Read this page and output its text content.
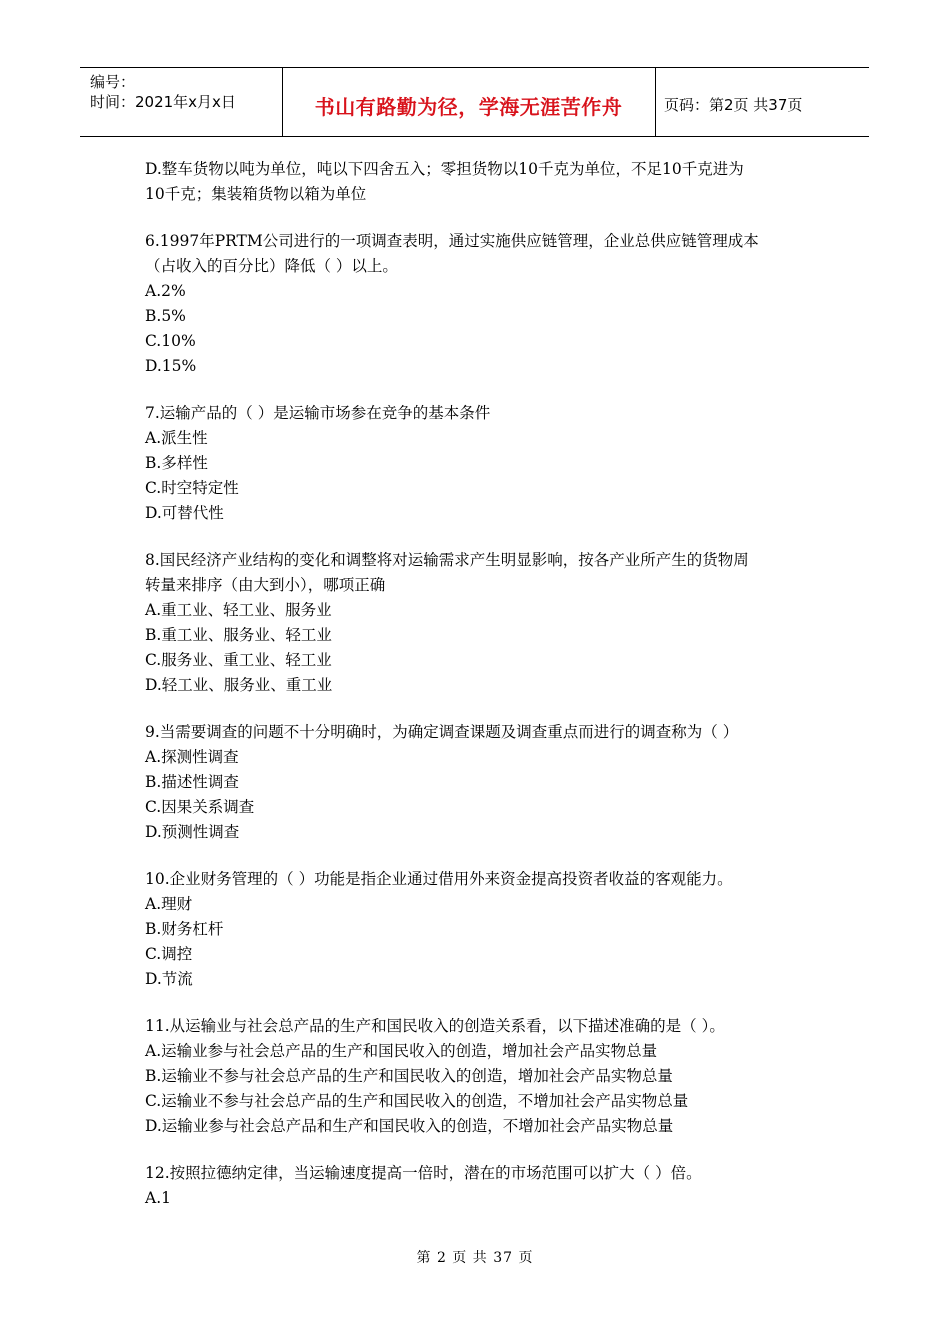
编号：
时间：2021年x月x日	书山有路勤为径，学海无涯苦作舟	页码：第2页 共37页
D.整车货物以吨为单位，吨以下四舍五入；零担货物以10千克为单位，不足10千克进为
10千克；集装箱货物以箱为单位
6.1997年PRTM公司进行的一项调查表明，通过实施供应链管理，企业总供应链管理成本
（占收入的百分比）降低（ ）以上。
A.2%
B.5%
C.10%
D.15%
7.运输产品的（ ）是运输市场参在竞争的基本条件
A.派生性
B.多样性
C.时空特定性
D.可替代性
8.国民经济产业结构的变化和调整将对运输需求产生明显影响，按各产业所产生的货物周
转量来排序（由大到小），哪项正确
A.重工业、轻工业、服务业
B.重工业、服务业、轻工业
C.服务业、重工业、轻工业
D.轻工业、服务业、重工业
9.当需要调查的问题不十分明确时，为确定调查课题及调查重点而进行的调查称为（ ）
A.探测性调查
B.描述性调查
C.因果关系调查
D.预测性调查
10.企业财务管理的（ ）功能是指企业通过借用外来资金提高投资者收益的客观能力。
A.理财
B.财务杠杆
C.调控
D.节流
11.从运输业与社会总产品的生产和国民收入的创造关系看，以下描述准确的是（ ）。
A.运输业参与社会总产品的生产和国民收入的创造，增加社会产品实物总量
B.运输业不参与社会总产品的生产和国民收入的创造，增加社会产品实物总量
C.运输业不参与社会总产品的生产和国民收入的创造，不增加社会产品实物总量
D.运输业参与社会总产品和生产和国民收入的创造，不增加社会产品实物总量
12.按照拉德纳定律，当运输速度提高一倍时，潜在的市场范围可以扩大（ ）倍。
A.1
第 2 页 共 37 页
